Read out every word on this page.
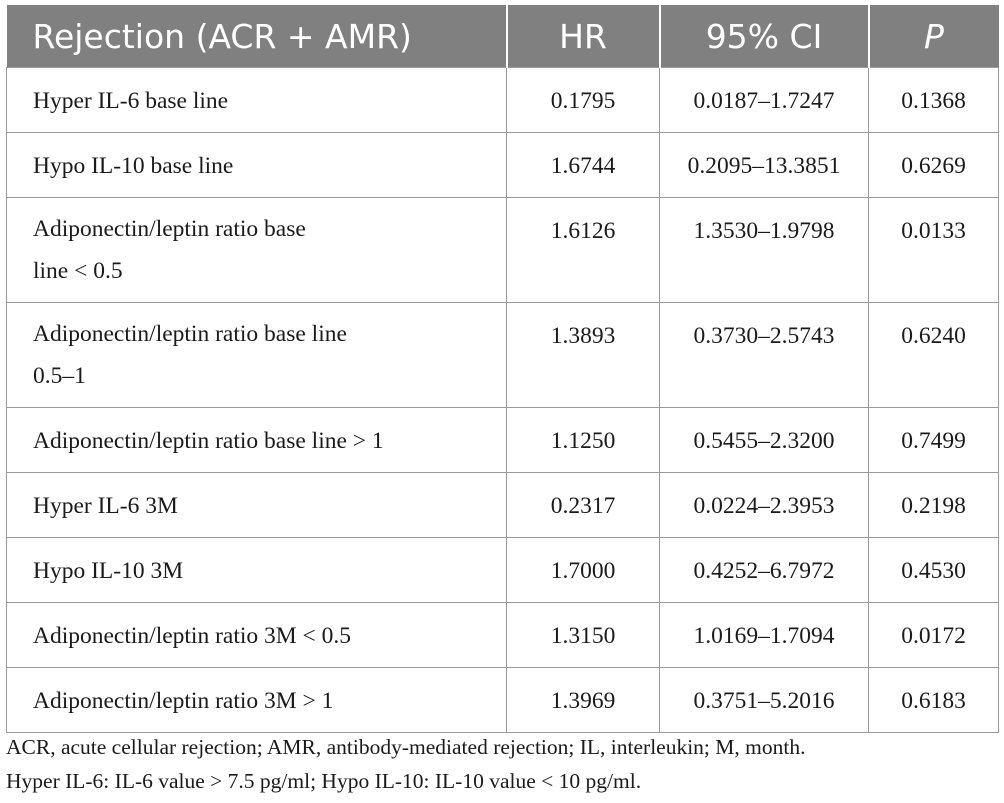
Rejection (ACR + AMR)	HR	95% CI	P
Hyper IL-6 base line	0.1795	0.0187–1.7247	0.1368
Hypo IL-10 base line	1.6744	0.2095–13.3851	0.6269

Adiponectin/leptin ratio base
line < 0.5	1.6126	1.3530–1.9798	0.0133

Adiponectin/leptin ratio base line
0.5–1	1.3893	0.3730–2.5743	0.6240
Adiponectin/leptin ratio base line > 1	1.1250	0.5455–2.3200	0.7499
Hyper IL-6 3M	0.2317	0.0224–2.3953	0.2198
Hypo IL-10 3M	1.7000	0.4252–6.7972	0.4530
Adiponectin/leptin ratio 3M < 0.5	1.3150	1.0169–1.7094	0.0172
Adiponectin/leptin ratio 3M > 1	1.3969	0.3751–5.2016	0.6183
ACR, acute cellular rejection; AMR, antibody-mediated rejection; IL, interleukin; M, month.
Hyper IL-6: IL-6 value > 7.5 pg/ml; Hypo IL-10: IL-10 value < 10 pg/ml.
